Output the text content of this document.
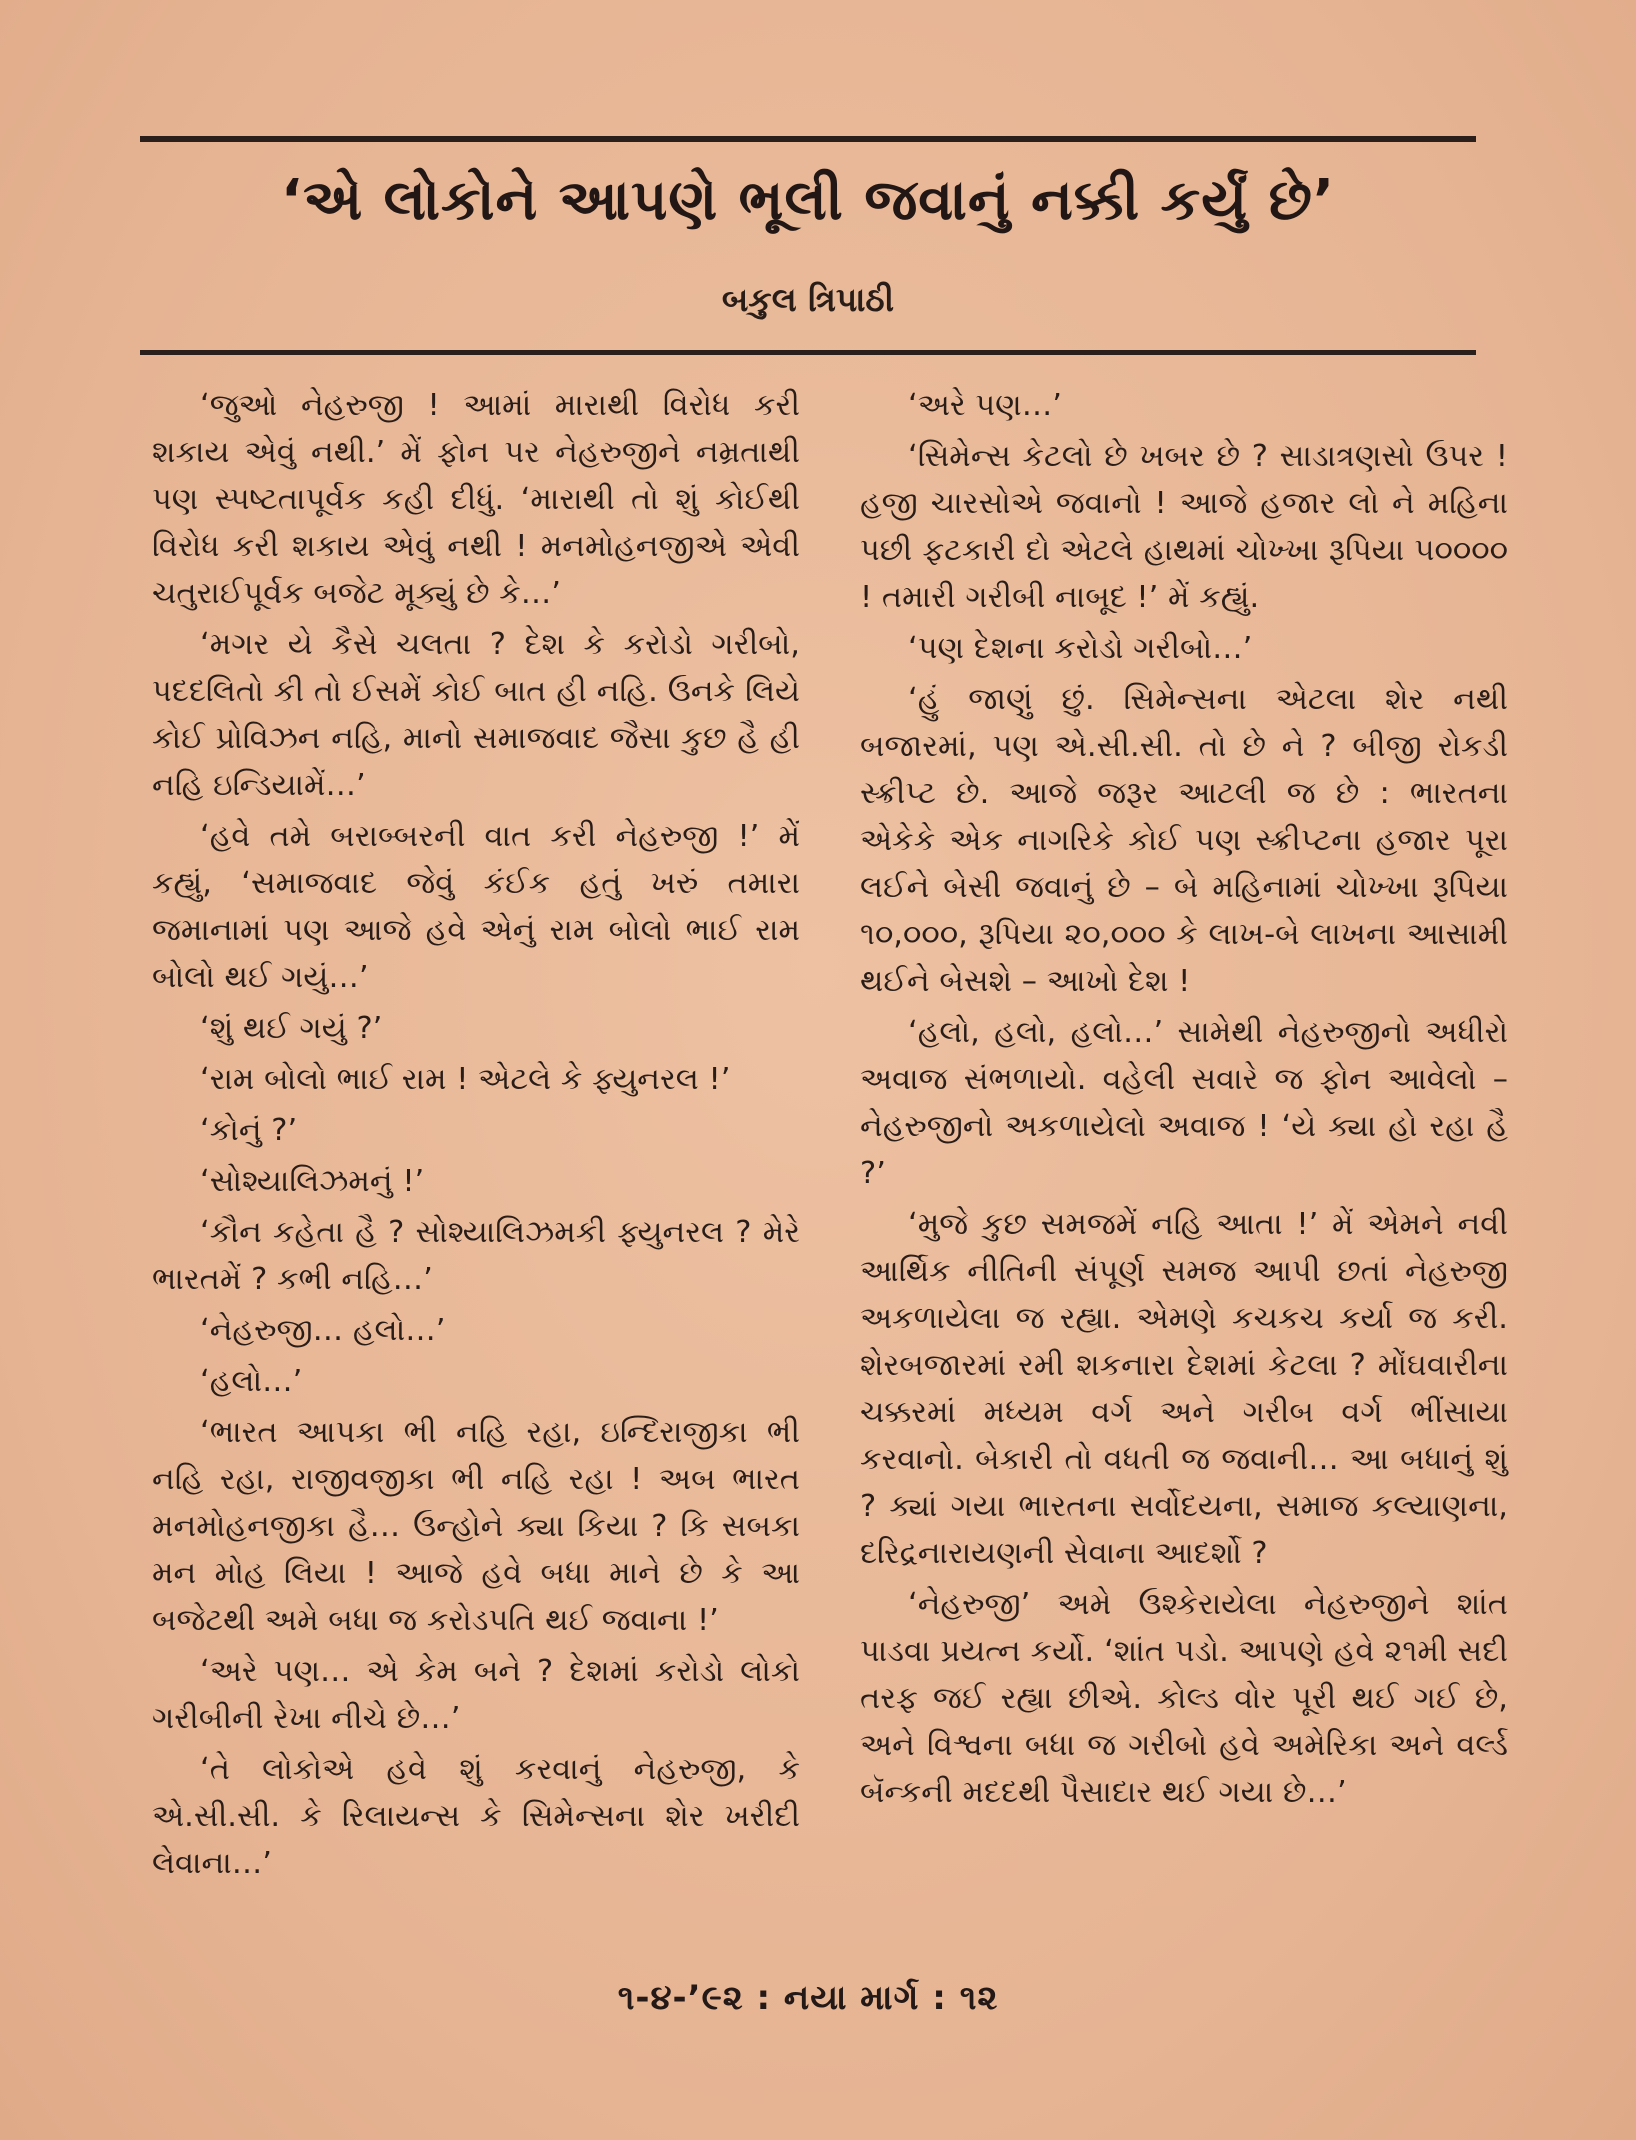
‘એ લોકોને આપણે ભૂલી જવાનું નક્કી કર્યું છે’
બકુલ ત્રિપાઠી

‘જુઓ નેહરુજી ! આમાં મારાથી વિરોધ કરી શકાય એવું નથી.’ મેં ફોન પર નેહરુજીને નમ્રતાથી પણ સ્પષ્ટતાપૂર્વક કહી દીધું. ‘મારાથી તો શું કોઈથી વિરોધ કરી શકાય એવું નથી ! મનમોહનજીએ એવી ચતુરાઈપૂર્વક બજેટ મૂક્યું છે કે…’

‘મગર યે કૈસે ચલતા ? દેશ કે કરોડો ગરીબો, પદદલિતો કી તો ઈસમેં કોઈ બાત હી નહિ. ઉનકે લિયે કોઈ પ્રોવિઝન નહિ, માનો સમાજવાદ જૈસા કુછ હૈ હી નહિ ઇન્ડિયામેં…’

‘હવે તમે બરાબ્બરની વાત કરી નેહરુજી !’ મેં કહ્યું, ‘સમાજવાદ જેવું કંઈક હતું ખરું તમારા જમાનામાં પણ આજે હવે એનું રામ બોલો ભાઈ રામ બોલો થઈ ગયું…’

‘શું થઈ ગયું ?’

‘રામ બોલો ભાઈ રામ ! એટલે કે ફ્યુનરલ !’

‘કોનું ?’

‘સોશ્યાલિઝમનું !’

‘કૌન કહેતા હૈ ? સોશ્યાલિઝમકી ફ્યુનરલ ? મેરે ભારતમેં ? કભી નહિ…’

‘નેહરુજી… હલો…’

‘હલો…’

‘ભારત આપકા ભી નહિ રહા, ઇન્દિરાજીકા ભી નહિ રહા, રાજીવજીકા ભી નહિ રહા ! અબ ભારત મનમોહનજીકા હૈ… ઉન્હોને ક્યા કિયા ? કિ સબકા મન મોહ લિયા ! આજે હવે બધા માને છે કે આ બજેટથી અમે બધા જ કરોડપતિ થઈ જવાના !’

‘અરે પણ… એ કેમ બને ? દેશમાં કરોડો લોકો ગરીબીની રેખા નીચે છે…’

‘તે લોકોએ હવે શું કરવાનું નેહરુજી, કે એ.સી.સી. કે રિલાયન્સ કે સિમેન્સના શેર ખરીદી લેવાના…’

‘અરે પણ…’

‘સિમેન્સ કેટલો છે ખબર છે ? સાડાત્રણસો ઉપર ! હજી ચારસોએ જવાનો ! આજે હજાર લો ને મહિના પછી ફટકારી દો એટલે હાથમાં ચોખ્ખા રૂપિયા ૫૦૦૦૦ ! તમારી ગરીબી નાબૂદ !’ મેં કહ્યું.

‘પણ દેશના કરોડો ગરીબો…’

‘હું જાણું છું. સિમેન્સના એટલા શેર નથી બજારમાં, પણ એ.સી.સી. તો છે ને ? બીજી રોકડી સ્ક્રીપ્ટ છે. આજે જરૂર આટલી જ છે : ભારતના એકેકે એક નાગરિકે કોઈ પણ સ્ક્રીપ્ટના હજાર પૂરા લઈને બેસી જવાનું છે – બે મહિનામાં ચોખ્ખા રૂપિયા ૧૦,૦૦૦, રૂપિયા ૨૦,૦૦૦ કે લાખ-બે લાખના આસામી થઈને બેસશે – આખો દેશ !

‘હલો, હલો, હલો…’ સામેથી નેહરુજીનો અધીરો અવાજ સંભળાયો. વહેલી સવારે જ ફોન આવેલો – નેહરુજીનો અકળાયેલો અવાજ ! ‘યે ક્યા હો રહા હૈ ?’

‘મુજે કુછ સમજમેં નહિ આતા !’ મેં એમને નવી આર્થિક નીતિની સંપૂર્ણ સમજ આપી છતાં નેહરુજી અકળાયેલા જ રહ્યા. એમણે કચકચ કર્યા જ કરી. શેરબજારમાં રમી શકનારા દેશમાં કેટલા ? મોંઘવારીના ચક્કરમાં મધ્યમ વર્ગ અને ગરીબ વર્ગ ભીંસાયા કરવાનો. બેકારી તો વધતી જ જવાની… આ બધાનું શું ? ક્યાં ગયા ભારતના સર્વોદયના, સમાજ કલ્યાણના, દરિદ્રનારાયણની સેવાના આદર્શો ?

‘નેહરુજી’ અમે ઉશ્કેરાયેલા નેહરુજીને શાંત પાડવા પ્રયત્ન કર્યો. ‘શાંત પડો. આપણે હવે ૨૧મી સદી તરફ જઈ રહ્યા છીએ. કોલ્ડ વોર પૂરી થઈ ગઈ છે, અને વિશ્વના બધા જ ગરીબો હવે અમેરિકા અને વર્લ્ડ બૅન્કની મદદથી પૈસાદાર થઈ ગયા છે…’

૧-૪-’૯૨ : નયા માર્ગ : ૧૨
